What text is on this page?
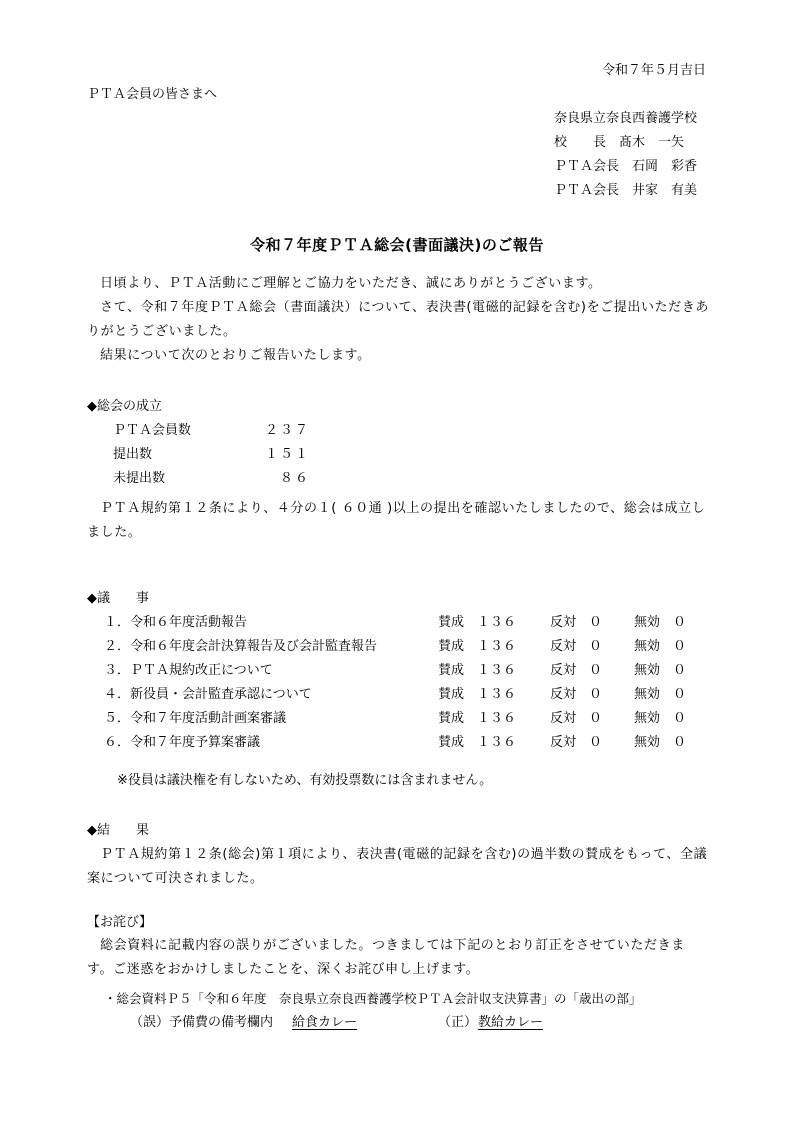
令和７年５月吉日
ＰＴＡ会員の皆さまへ
奈良県立奈良西養護学校
校　　長　髙木　一矢
ＰＴＡ会長　石岡　彩香
ＰＴＡ会長　井家　有美
令和７年度ＰＴＡ総会(書面議決)のご報告
日頃より、ＰＴＡ活動にご理解とご協力をいただき、誠にありがとうございます。
さて、令和７年度ＰＴＡ総会（書面議決）について、表決書(電磁的記録を含む)をご提出いただきありがとうございました。
結果について次のとおりご報告いたします。
◆総会の成立
ＰＴＡ会員数	２３７
提出数	１５１
未提出数	８６
ＰＴＡ規約第１２条により、４分の１( ６０通 )以上の提出を確認いたしましたので、総会は成立しました。
◆議　　事
１．令和６年度活動報告	賛成　１３６	反対　０ 無効　０
２．令和６年度会計決算報告及び会計監査報告	賛成　１３６	反対　０ 無効　０
３．ＰＴＡ規約改正について	賛成　１３６	反対　０ 無効　０
４．新役員・会計監査承認について	賛成　１３６	反対　０ 無効　０
５．令和７年度活動計画案審議	賛成　１３６	反対　０ 無効　０
６．令和７年度予算案審議	賛成　１３６	反対　０ 無効　０
※役員は議決権を有しないため、有効投票数には含まれません。
◆結　　果
ＰＴＡ規約第１２条(総会)第１項により、表決書(電磁的記録を含む)の過半数の賛成をもって、全議案について可決されました。
【お詫び】
総会資料に記載内容の誤りがございました。つきましては下記のとおり訂正をさせていただきます。ご迷惑をおかけしましたことを、深くお詫び申し上げます。
・総会資料Ｐ５「令和６年度　奈良県立奈良西養護学校ＰＴＡ会計収支決算書」の「歳出の部」
（誤）予備費の備考欄内 給食カレー	（正） 教給カレー
